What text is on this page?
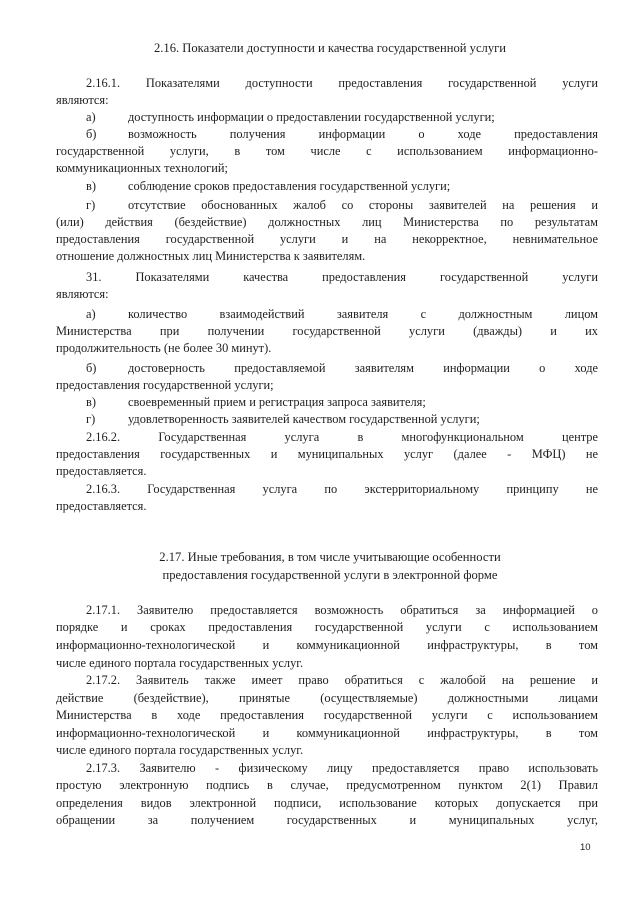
2.16. Показатели доступности и качества государственной услуги
2.16.1. Показателями доступности предоставления государственной услуги
являются:
а)	доступность информации о предоставлении государственной услуги;
б)	возможность получения информации о ходе предоставления
государственной услуги, в том числе с использованием информационно-
коммуникационных технологий;
в)	соблюдение сроков предоставления государственной услуги;
г)	отсутствие обоснованных жалоб со стороны заявителей на решения и
(или) действия (бездействие) должностных лиц Министерства по результатам
предоставления государственной услуги и на некорректное, невнимательное
отношение должностных лиц Министерства к заявителям.
31. Показателями качества предоставления государственной услуги
являются:
а)	количество взаимодействий заявителя с должностным лицом
Министерства при получении государственной услуги (дважды) и их
продолжительность (не более 30 минут).
б)	достоверность предоставляемой заявителям информации о ходе
предоставления государственной услуги;
в)	своевременный прием и регистрация запроса заявителя;
г)	удовлетворенность заявителей качеством государственной услуги;
2.16.2. Государственная услуга в многофункциональном центре
предоставления государственных и муниципальных услуг (далее - МФЦ) не
предоставляется.
2.16.3. Государственная услуга по экстерриториальному принципу не
предоставляется.
2.17. Иные требования, в том числе учитывающие особенности
предоставления государственной услуги в электронной форме
2.17.1. Заявителю предоставляется возможность обратиться за информацией о
порядке и сроках предоставления государственной услуги с использованием
информационно-технологической и коммуникационной инфраструктуры, в том
числе единого портала государственных услуг.
2.17.2. Заявитель также имеет право обратиться с жалобой на решение и
действие (бездействие), принятые (осуществляемые) должностными лицами
Министерства в ходе предоставления государственной услуги с использованием
информационно-технологической и коммуникационной инфраструктуры, в том
числе единого портала государственных услуг.
2.17.3. Заявителю - физическому лицу предоставляется право использовать
простую электронную подпись в случае, предусмотренном пунктом 2(1) Правил
определения видов электронной подписи, использование которых допускается при
обращении за получением государственных и муниципальных услуг,
10
